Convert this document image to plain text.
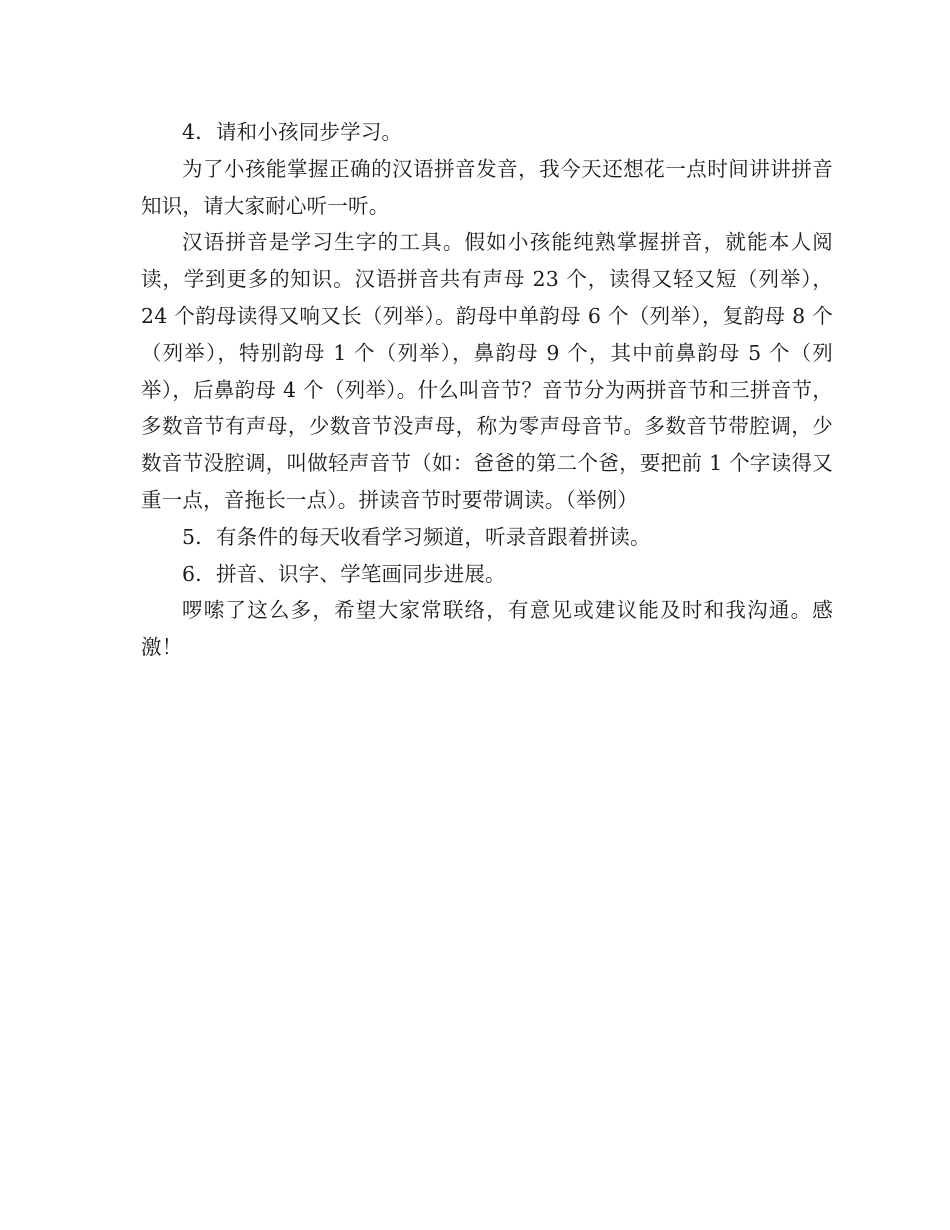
4．请和小孩同步学习。

为了小孩能掌握正确的汉语拼音发音，我今天还想花一点时间讲讲拼音知识，请大家耐心听一听。

汉语拼音是学习生字的工具。假如小孩能纯熟掌握拼音，就能本人阅读，学到更多的知识。汉语拼音共有声母 23 个，读得又轻又短（列举），24 个韵母读得又响又长（列举）。韵母中单韵母 6 个（列举），复韵母 8 个（列举），特别韵母 1 个（列举），鼻韵母 9 个，其中前鼻韵母 5 个（列举），后鼻韵母 4 个（列举）。什么叫音节？音节分为两拼音节和三拼音节，多数音节有声母，少数音节没声母，称为零声母音节。多数音节带腔调，少数音节没腔调，叫做轻声音节（如：爸爸的第二个爸，要把前 1 个字读得又重一点，音拖长一点）。拼读音节时要带调读。（举例）

5．有条件的每天收看学习频道，听录音跟着拼读。

6．拼音、识字、学笔画同步进展。

啰嗦了这么多，希望大家常联络，有意见或建议能及时和我沟通。感激！
